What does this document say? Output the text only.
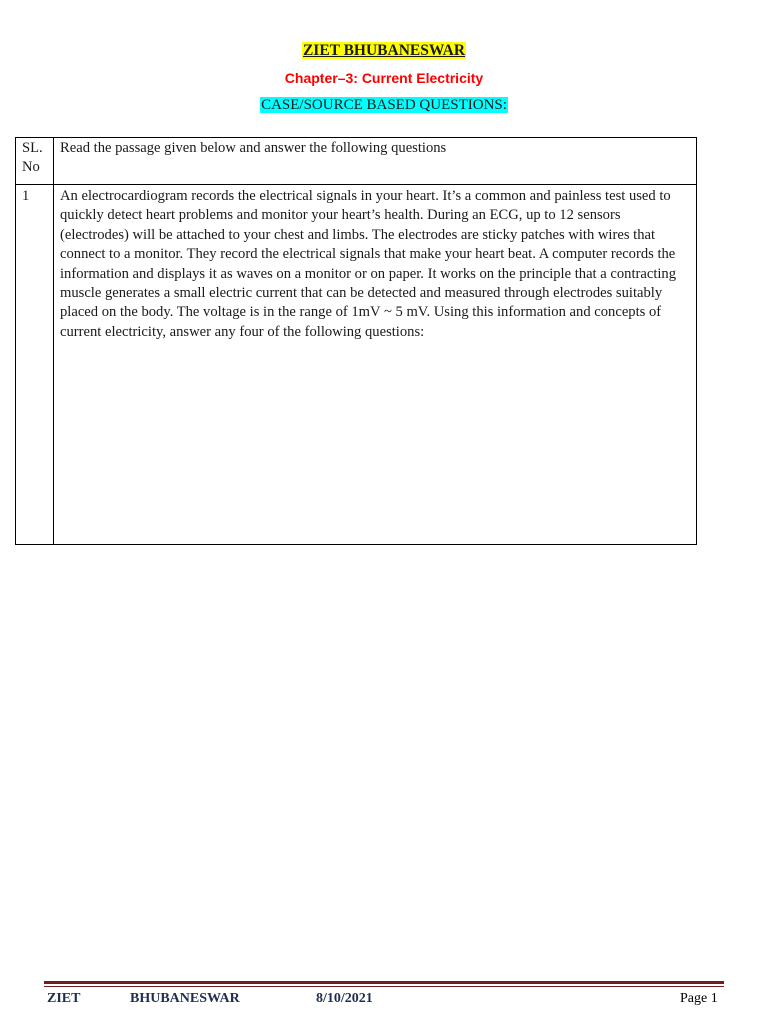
ZIET BHUBANESWAR
Chapter–3: Current Electricity
CASE/SOURCE BASED QUESTIONS:
SL. No	Read the passage given below and answer the following questions
1	An electrocardiogram records the electrical signals in your heart. It’s a common and painless test used to quickly detect heart problems and monitor your heart’s health. During an ECG, up to 12 sensors (electrodes) will be attached to your chest and limbs. The electrodes are sticky patches with wires that connect to a monitor. They record the electrical signals that make your heart beat. A computer records the information and displays it as waves on a monitor or on paper. It works on the principle that a contracting muscle generates a small electric current that can be detected and measured through electrodes suitably placed on the body. The voltage is in the range of 1mV ~ 5 mV. Using this information and concepts of current electricity, answer any four of the following questions:
ZIET	BHUBANESWAR	8/10/2021	Page 1
